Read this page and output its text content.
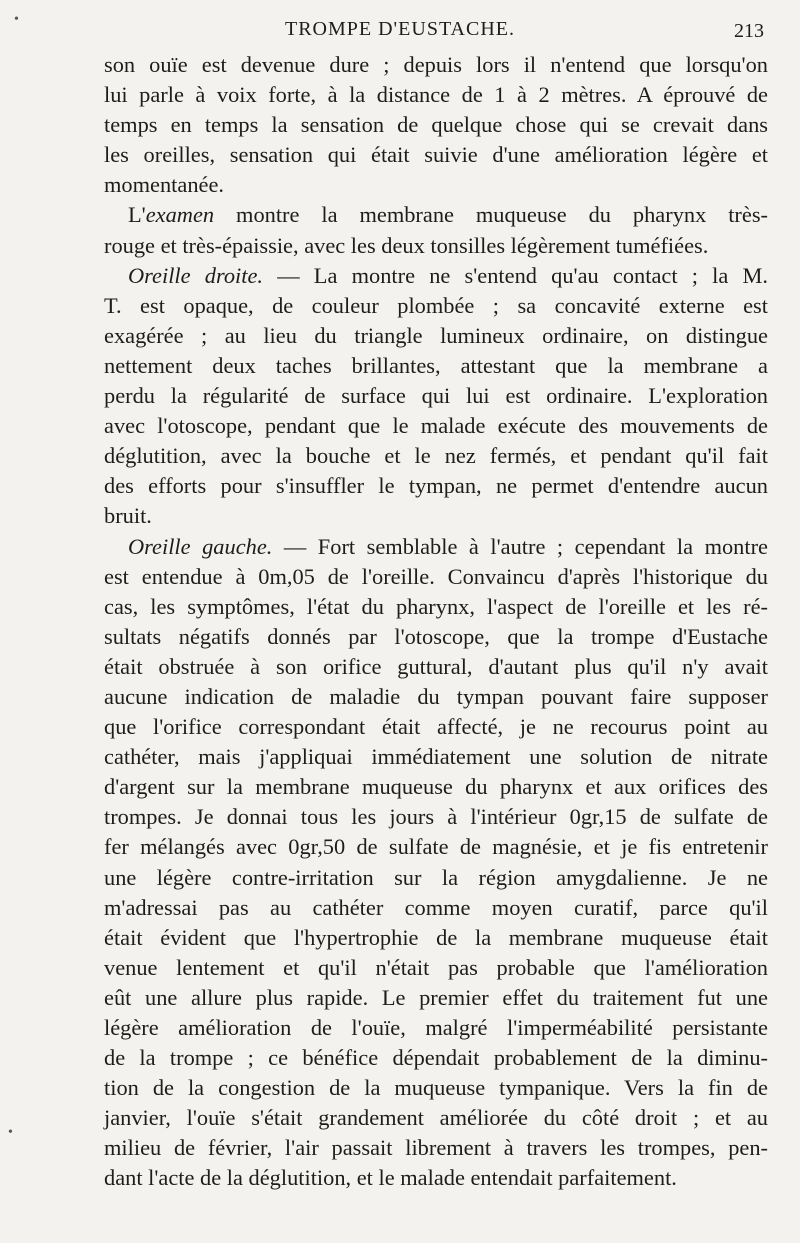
TROMPE D'EUSTACHE.	213
son ouïe est devenue dure ; depuis lors il n'entend que lorsqu'on
lui parle à voix forte, à la distance de 1 à 2 mètres. A éprouvé de
temps en temps la sensation de quelque chose qui se crevait dans
les oreilles, sensation qui était suivie d'une amélioration légère et
momentanée.
L'examen montre la membrane muqueuse du pharynx très-
rouge et très-épaissie, avec les deux tonsilles légèrement tuméfiées.
Oreille droite. — La montre ne s'entend qu'au contact ; la M.
T. est opaque, de couleur plombée ; sa concavité externe est
exagérée ; au lieu du triangle lumineux ordinaire, on distingue
nettement deux taches brillantes, attestant que la membrane a
perdu la régularité de surface qui lui est ordinaire. L'exploration
avec l'otoscope, pendant que le malade exécute des mouvements de
déglutition, avec la bouche et le nez fermés, et pendant qu'il fait
des efforts pour s'insuffler le tympan, ne permet d'entendre aucun
bruit.
Oreille gauche. — Fort semblable à l'autre ; cependant la montre
est entendue à 0m,05 de l'oreille. Convaincu d'après l'historique du
cas, les symptômes, l'état du pharynx, l'aspect de l'oreille et les ré-
sultats négatifs donnés par l'otoscope, que la trompe d'Eustache
était obstruée à son orifice guttural, d'autant plus qu'il n'y avait
aucune indication de maladie du tympan pouvant faire supposer
que l'orifice correspondant était affecté, je ne recourus point au
cathéter, mais j'appliquai immédiatement une solution de nitrate
d'argent sur la membrane muqueuse du pharynx et aux orifices des
trompes. Je donnai tous les jours à l'intérieur 0gr,15 de sulfate de
fer mélangés avec 0gr,50 de sulfate de magnésie, et je fis entretenir
une légère contre-irritation sur la région amygdalienne. Je ne
m'adressai pas au cathéter comme moyen curatif, parce qu'il
était évident que l'hypertrophie de la membrane muqueuse était
venue lentement et qu'il n'était pas probable que l'amélioration
eût une allure plus rapide. Le premier effet du traitement fut une
légère amélioration de l'ouïe, malgré l'imperméabilité persistante
de la trompe ; ce bénéfice dépendait probablement de la diminu-
tion de la congestion de la muqueuse tympanique. Vers la fin de
janvier, l'ouïe s'était grandement améliorée du côté droit ; et au
milieu de février, l'air passait librement à travers les trompes, pen-
dant l'acte de la déglutition, et le malade entendait parfaitement.
•
•
